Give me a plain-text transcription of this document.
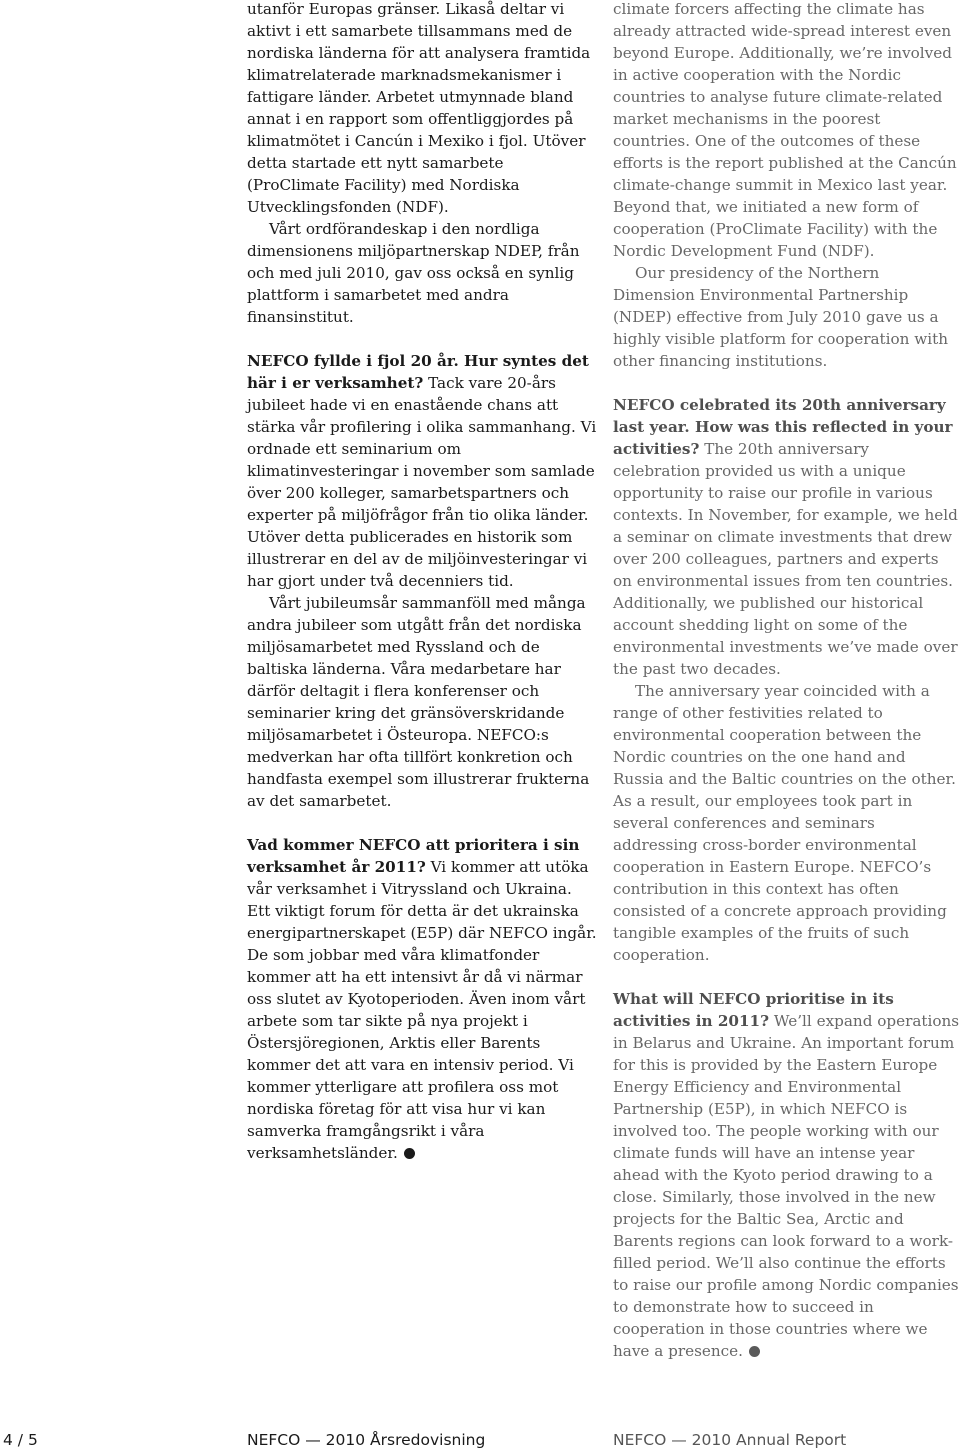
utanför Europas gränser. Likaså deltar vi aktivt i ett samarbete tillsammans med de nordiska länderna för att analysera framtida klimatrelaterade marknadsmekanismer i fattigare länder. Arbetet utmynnade bland annat i en rapport som offentliggjordes på klimatmötet i Cancún i Mexiko i fjol. Utöver detta startade ett nytt samarbete (ProClimate Facility) med Nordiska Utvecklingsfonden (NDF).

Vårt ordförandeskap i den nordliga dimensionens miljöpartnerskap NDEP, från och med juli 2010, gav oss också en synlig plattform i samarbetet med andra finansinstitut.

NEFCO fyllde i fjol 20 år. Hur syntes det här i er verksamhet? Tack vare 20-års jubileet hade vi en enastående chans att stärka vår profilering i olika sammanhang. Vi ordnade ett seminarium om klimatinvesteringar i november som samlade över 200 kolleger, samarbetspartners och experter på miljöfrågor från tio olika länder. Utöver detta publicerades en historik som illustrerar en del av de miljöinvesteringar vi har gjort under två decenniers tid.

Vårt jubileumsår sammanföll med många andra jubileer som utgått från det nordiska miljösamarbetet med Ryssland och de baltiska länderna. Våra medarbetare har därför deltagit i flera konferenser och seminarier kring det gränsöverskridande miljösamarbetet i Östeuropa. NEFCO:s medverkan har ofta tillfört konkretion och handfasta exempel som illustrerar frukterna av det samarbetet.

Vad kommer NEFCO att prioritera i sin verksamhet år 2011? Vi kommer att utöka vår verksamhet i Vitryssland och Ukraina. Ett viktigt forum för detta är det ukrainska energipartnerskapet (E5P) där NEFCO ingår. De som jobbar med våra klimatfonder kommer att ha ett intensivt år då vi närmar oss slutet av Kyotoperioden. Även inom vårt arbete som tar sikte på nya projekt i Östersjöregionen, Arktis eller Barents kommer det att vara en intensiv period. Vi kommer ytterligare att profilera oss mot nordiska företag för att visa hur vi kan samverka framgångsrikt i våra verksamhetsländer.

climate forcers affecting the climate has already attracted wide-spread interest even beyond Europe. Additionally, we’re involved in active cooperation with the Nordic countries to analyse future climate-related market mechanisms in the poorest countries. One of the outcomes of these efforts is the report published at the Cancún climate-change summit in Mexico last year. Beyond that, we initiated a new form of cooperation (ProClimate Facility) with the Nordic Development Fund (NDF).

Our presidency of the Northern Dimension Environmental Partnership (NDEP) effective from July 2010 gave us a highly visible platform for cooperation with other financing institutions.

NEFCO celebrated its 20th anniversary last year. How was this reflected in your activities? The 20th anniversary celebration provided us with a unique opportunity to raise our profile in various contexts. In November, for example, we held a seminar on climate investments that drew over 200 colleagues, partners and experts on environmental issues from ten countries. Additionally, we published our historical account shedding light on some of the environmental investments we’ve made over the past two decades.

The anniversary year coincided with a range of other festivities related to environmental cooperation between the Nordic countries on the one hand and Russia and the Baltic countries on the other. As a result, our employees took part in several conferences and seminars addressing cross-border environmental cooperation in Eastern Europe. NEFCO’s contribution in this context has often consisted of a concrete approach providing tangible examples of the fruits of such cooperation.

What will NEFCO prioritise in its activities in 2011? We’ll expand operations in Belarus and Ukraine. An important forum for this is provided by the Eastern Europe Energy Efficiency and Environmental Partnership (E5P), in which NEFCO is involved too. The people working with our climate funds will have an intense year ahead with the Kyoto period drawing to a close. Similarly, those involved in the new projects for the Baltic Sea, Arctic and Barents regions can look forward to a work-filled period. We’ll also continue the efforts to raise our profile among Nordic companies to demonstrate how to succeed in cooperation in those countries where we have a presence.

4 / 5	NEFCO — 2010 Årsredovisning	NEFCO — 2010 Annual Report
